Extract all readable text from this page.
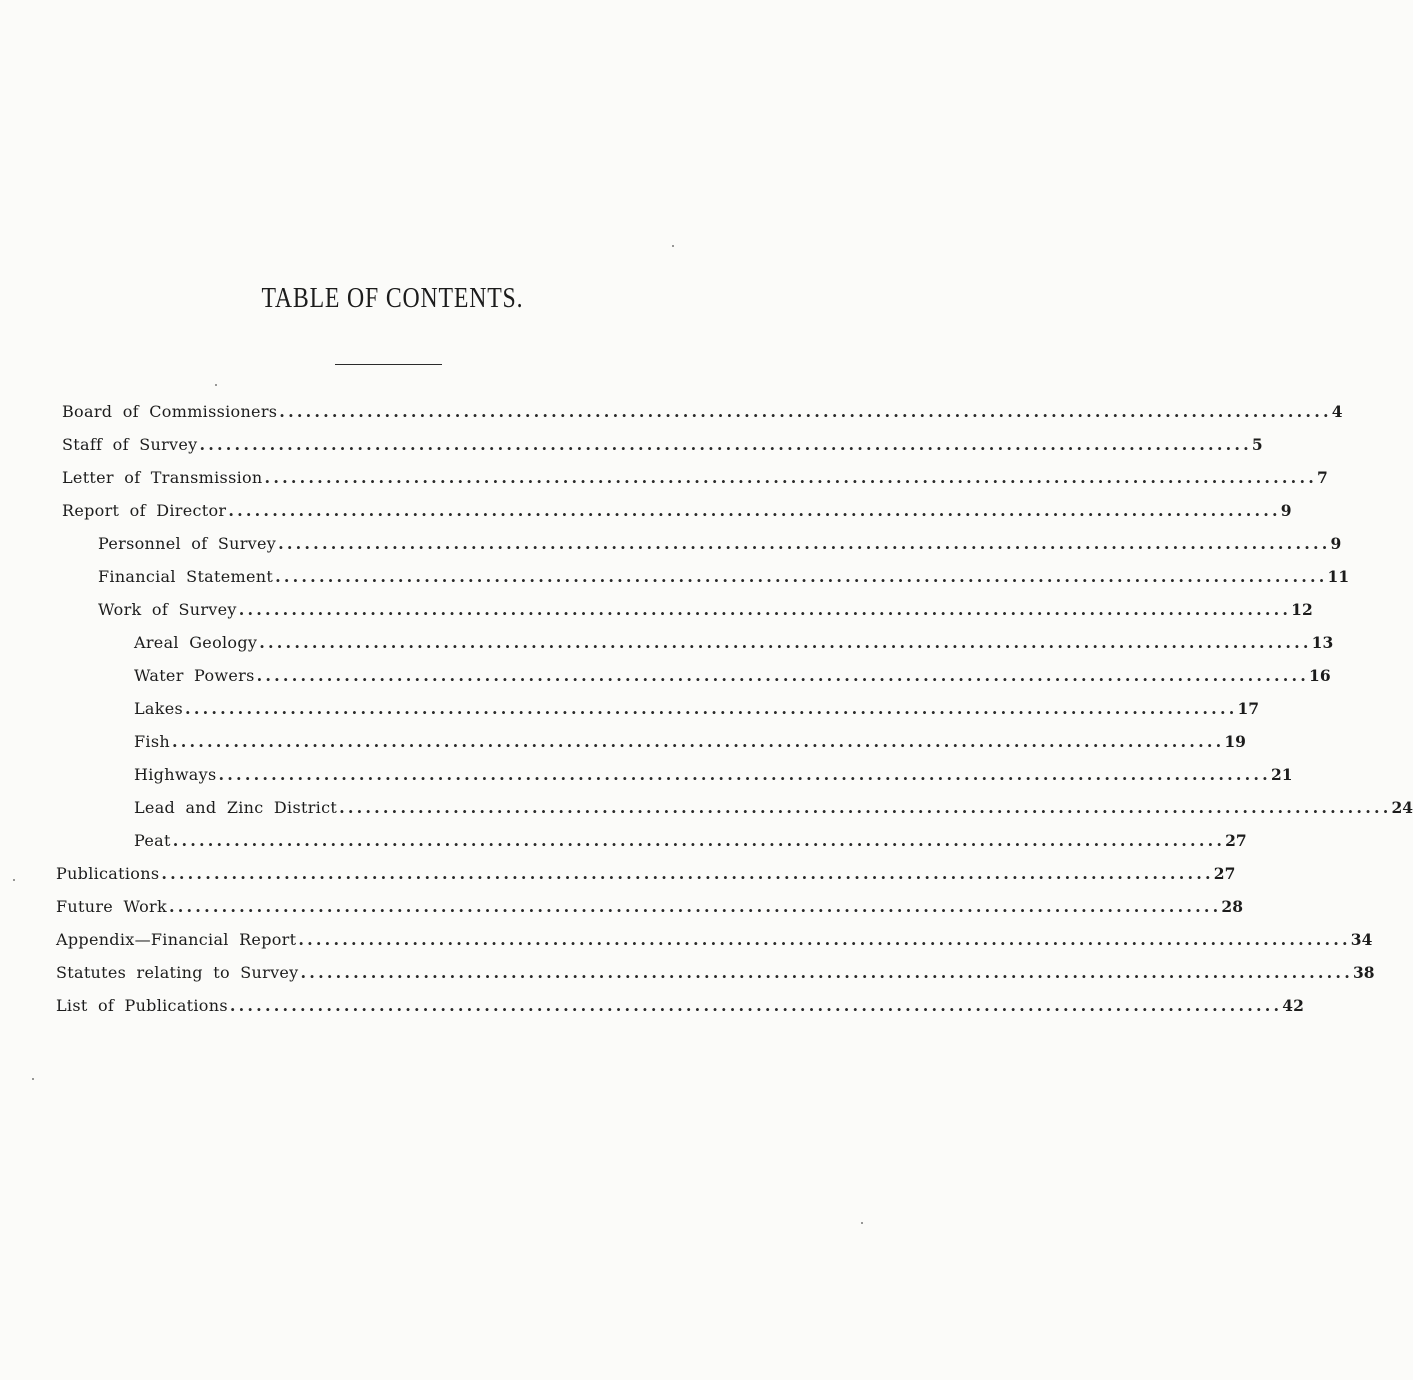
TABLE OF CONTENTS.
Board of Commissioners ........................................................................................................................ 4
Staff of Survey ........................................................................................................................ 5
Letter of Transmission ........................................................................................................................ 7
Report of Director ........................................................................................................................ 9
Personnel of Survey ........................................................................................................................ 9
Financial Statement ........................................................................................................................ 11
Work of Survey ........................................................................................................................ 12
Areal Geology ........................................................................................................................ 13
Water Powers ........................................................................................................................ 16
Lakes ........................................................................................................................ 17
Fish ........................................................................................................................ 19
Highways ........................................................................................................................ 21
Lead and Zinc District ........................................................................................................................ 24
Peat ........................................................................................................................ 27
Publications ........................................................................................................................ 27
Future Work ........................................................................................................................ 28
Appendix—Financial Report ........................................................................................................................ 34
Statutes relating to Survey ........................................................................................................................ 38
List of Publications ........................................................................................................................ 42
